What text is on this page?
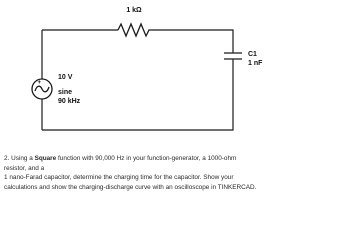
1 kΩ
C1
1 nF
+
10 V
sine
90 kHz
2. Using a Square function with 90,000 Hz in your function-generator, a 1000-ohm
resistor, and a
1 nano-Farad capacitor, determine the charging time for the capacitor. Show your
calculations and show the charging-discharge curve with an oscilloscope in TINKERCAD.
